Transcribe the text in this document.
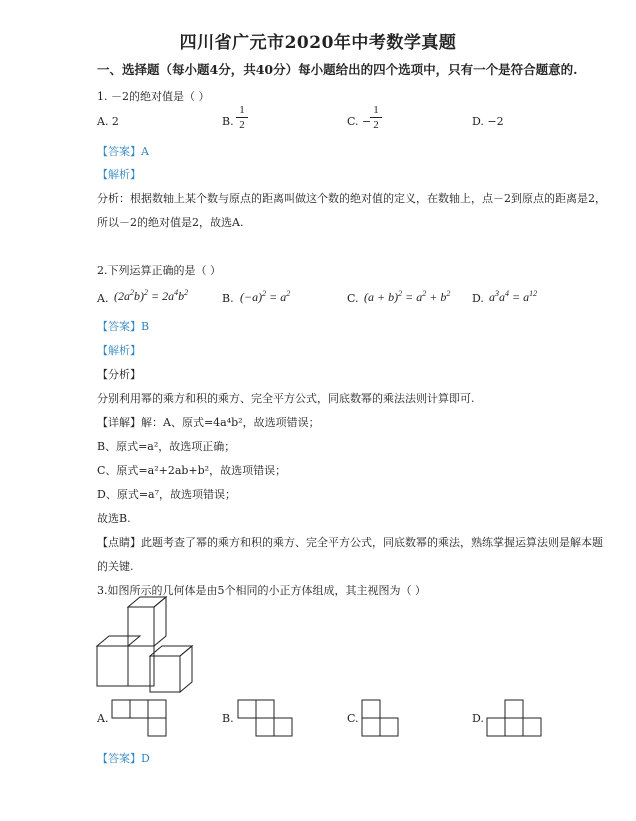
四川省广元市2020年中考数学真题
一、选择题（每小题4分，共40分）每小题给出的四个选项中，只有一个是符合题意的.
1. －2的绝对值是（ ）
A. 2	B.
1
2	C. −
1
2	D. −2
【答案】A
【解析】
分析：根据数轴上某个数与原点的距离叫做这个数的绝对值的定义，在数轴上，点－2到原点的距离是2，
所以－2的绝对值是2，故选A.
2.下列运算正确的是（ ）
A. $(2a^2b)^2 = 2a^4b^2$	B. $(-a)^2 = a^2$	C. $(a + b)^2 = a^2 + b^2$ D. $a^3a^4 = a^{12}$
【答案】B
【解析】
【分析】
分别利用幂的乘方和积的乘方、完全平方公式，同底数幂的乘法法则计算即可.
【详解】解：A、原式=4a⁴b²，故选项错误；
B、原式=a²，故选项正确；
C、原式=a²+2ab+b²，故选项错误；
D、原式=a⁷，故选项错误；
故选B.
【点睛】此题考查了幂的乘方和积的乘方、完全平方公式，同底数幂的乘法，熟练掌握运算法则是解本题
的关键.
3.如图所示的几何体是由5个相同的小正方体组成，其主视图为（ ）
A.	B.	C.	D.
【答案】D
